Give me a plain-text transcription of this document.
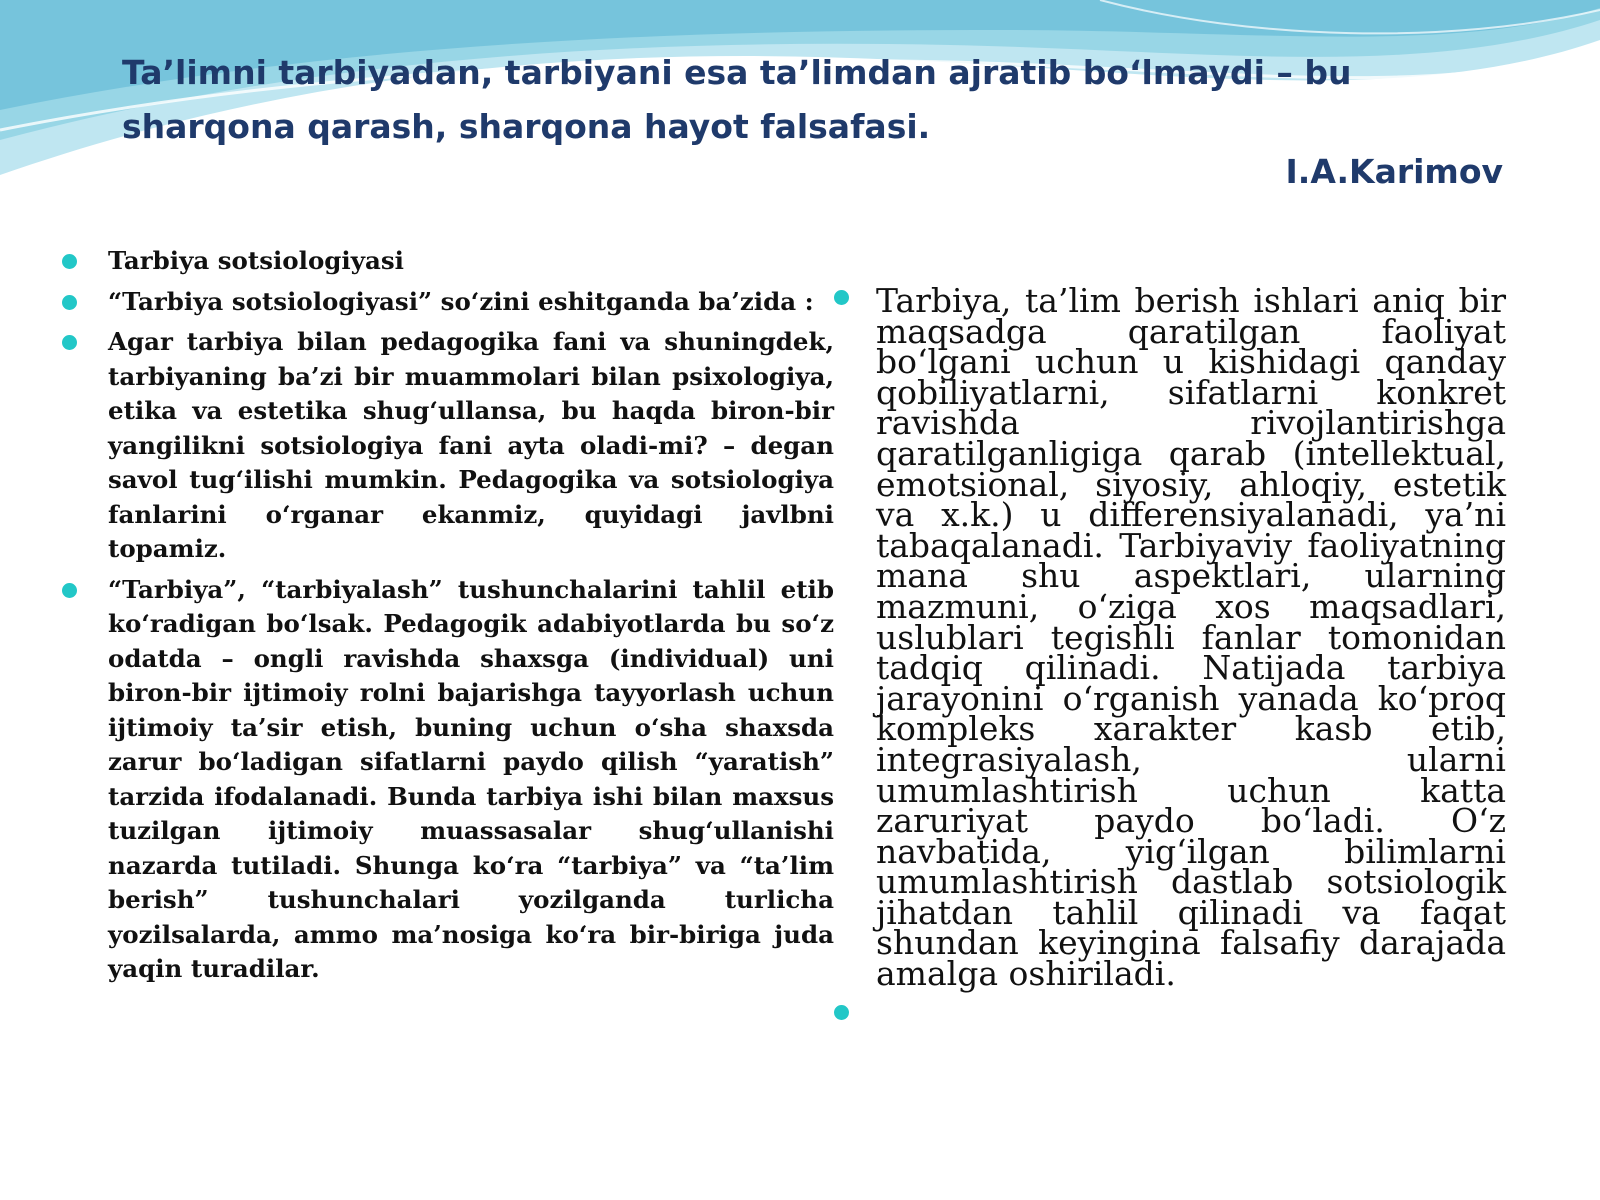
Ta’limni tarbiyadan, tarbiyani esa ta’limdan ajratib bo‘lmaydi – bu sharqona qarash, sharqona hayot falsafasi.
I.A.Karimov
Tarbiya sotsiologiyasi
“Tarbiya sotsiologiyasi” so‘zini eshitganda ba’zida :
Agar tarbiya bilan pedagogika fani va shuningdek, tarbiyaning ba’zi bir muammolari bilan psixologiya, etika va estetika shug‘ullansa, bu haqda biron-bir yangilikni sotsiologiya fani ayta oladi-mi? – degan savol tug‘ilishi mumkin. Pedagogika va sotsiologiya fanlarini o‘rganar ekanmiz, quyidagi javlbni topamiz.
“Tarbiya”, “tarbiyalash” tushunchalarini tahlil etib ko‘radigan bo‘lsak. Pedagogik adabiyotlarda bu so‘z odatda – ongli ravishda shaxsga (individual) uni biron-bir ijtimoiy rolni bajarishga tayyorlash uchun ijtimoiy ta’sir etish, buning uchun o‘sha shaxsda zarur bo‘ladigan sifatlarni paydo qilish “yaratish” tarzida ifodalanadi. Bunda tarbiya ishi bilan maxsus tuzilgan ijtimoiy muassasalar shug‘ullanishi nazarda tutiladi. Shunga ko‘ra “tarbiya” va “ta’lim berish” tushunchalari yozilganda turlicha yozilsalarda, ammo ma’nosiga ko‘ra bir-biriga juda yaqin turadilar.

Tarbiya, ta’lim berish ishlari aniq bir maqsadga qaratilgan faoliyat bo‘lgani uchun u kishidagi qanday qobiliyatlarni, sifatlarni konkret ravishda rivojlantirishga qaratilganligiga qarab (intellektual, emotsional, siyosiy, ahloqiy, estetik va x.k.) u differensiyalanadi, ya’ni tabaqalanadi. Tarbiyaviy faoliyatning mana shu aspektlari, ularning mazmuni, o‘ziga xos maqsadlari, uslublari tegishli fanlar tomonidan tadqiq qilinadi. Natijada tarbiya jarayonini o‘rganish yanada ko‘proq kompleks xarakter kasb etib, integrasiyalash, ularni umumlashtirish uchun katta zaruriyat paydo bo‘ladi. O‘z navbatida, yig‘ilgan bilimlarni umumlashtirish dastlab sotsiologik jihatdan tahlil qilinadi va faqat shundan keyingina falsafiy darajada amalga oshiriladi.
